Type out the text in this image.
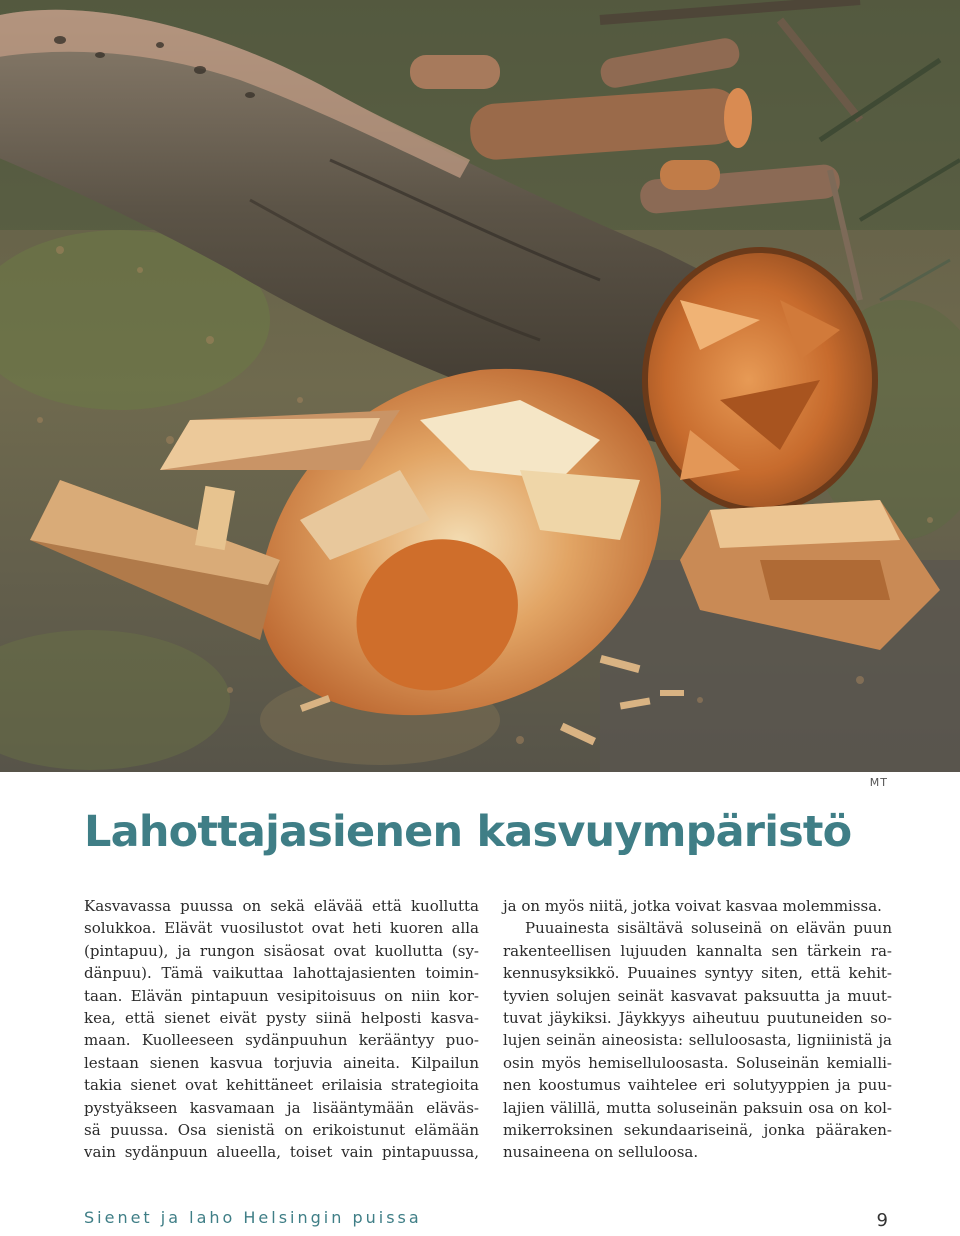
MT
Lahottajasienen kasvuympäristö
Kasvavassa puussa on sekä elävää että kuollutta
solukkoa. Elävät vuosilustot ovat heti kuoren alla
(pintapuu), ja rungon sisäosat ovat kuollutta (sy-
dänpuu). Tämä vaikuttaa lahottajasienten toimin-
taan. Elävän pintapuun vesipitoisuus on niin kor-
kea, että sienet eivät pysty siinä helposti kasva-
maan. Kuolleeseen sydänpuuhun kerääntyy puo-
lestaan sienen kasvua torjuvia aineita. Kilpailun
takia sienet ovat kehittäneet erilaisia strategioita
pystyäkseen kasvamaan ja lisääntymään eläväs-
sä puussa. Osa sienistä on erikoistunut elämään
vain sydänpuun alueella, toiset vain pintapuussa,
ja on myös niitä, jotka voivat kasvaa molemmissa.
Puuainesta sisältävä soluseinä on elävän puun
rakenteellisen lujuuden kannalta sen tärkein ra-
kennusyksikkö. Puuaines syntyy siten, että kehit-
tyvien solujen seinät kasvavat paksuutta ja muut-
tuvat jäykiksi. Jäykkyys aiheutuu puutuneiden so-
lujen seinän aineosista: selluloosasta, ligniinistä ja
osin myös hemiselluloosasta. Soluseinän kemialli-
nen koostumus vaihtelee eri solutyyppien ja puu-
lajien välillä, mutta soluseinän paksuin osa on kol-
mikerroksinen sekundaariseinä, jonka pääraken-
nusaineena on selluloosa.
Sienet ja laho Helsingin puissa	9
